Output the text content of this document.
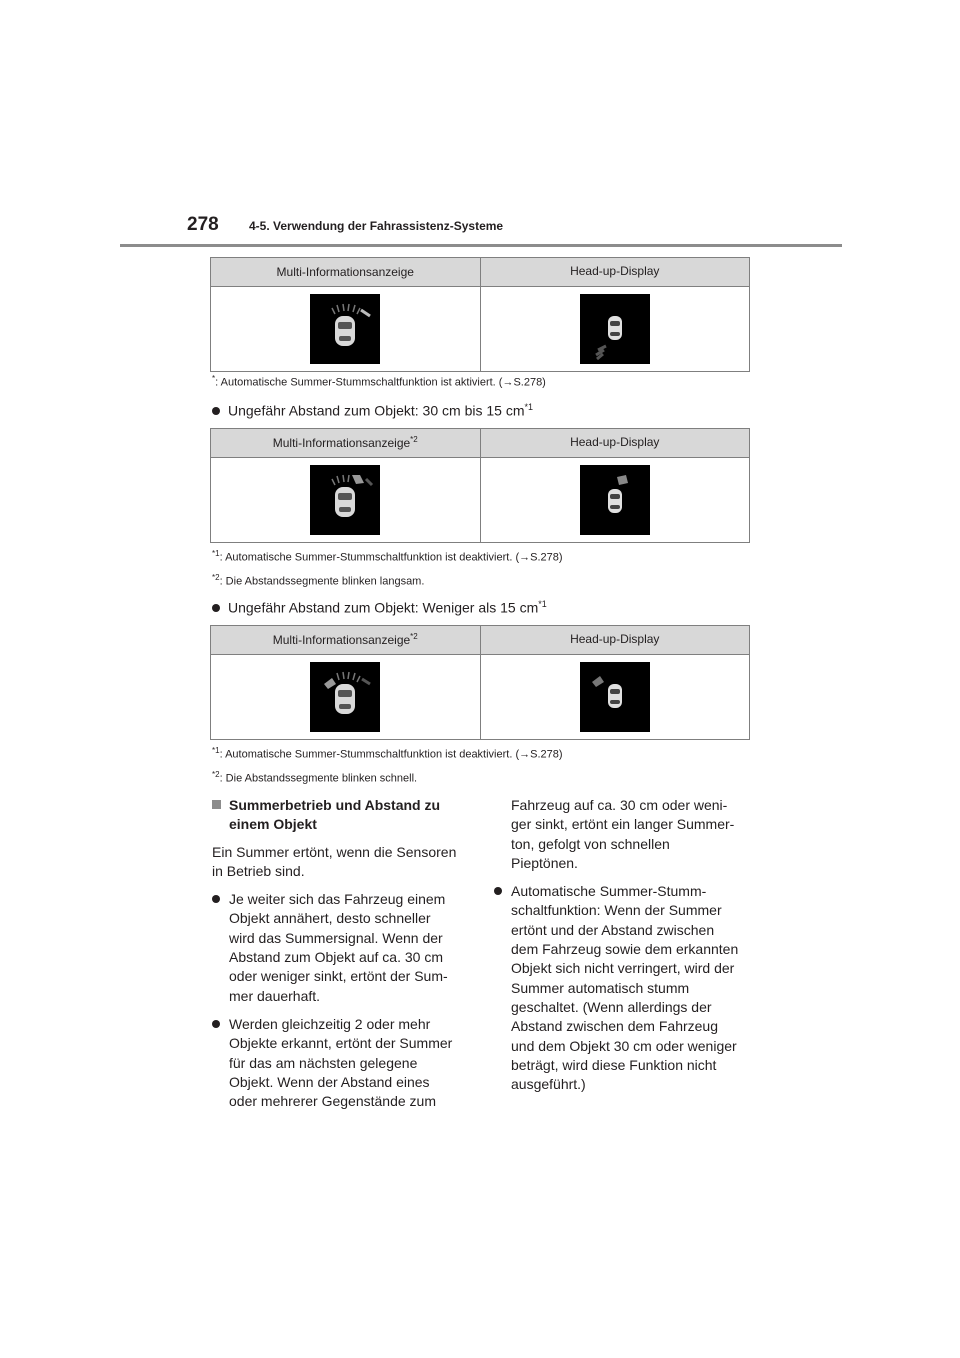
278	4-5. Verwendung der Fahrassistenz-Systeme
Multi-Informationsanzeige	Head-up-Display
*: Automatische Summer-Stummschaltfunktion ist aktiviert. (→S.278)
Ungefähr Abstand zum Objekt: 30 cm bis 15 $cm^{*1}$
Multi-Informationsanzeige$^{*2}$	Head-up-Display
$^{*1}$: Automatische Summer-Stummschaltfunktion ist deaktiviert. (→S.278)
$^{*2}$: Die Abstandssegmente blinken langsam.
Ungefähr Abstand zum Objekt: Weniger als 15 $cm^{*1}$
Multi-Informationsanzeige$^{*2}$	Head-up-Display
$^{*1}$: Automatische Summer-Stummschaltfunktion ist deaktiviert. (→S.278)
$^{*2}$: Die Abstandssegmente blinken schnell.

Summerbetrieb und Abstand zu
einem Objekt

Ein Summer ertönt, wenn die Sensoren
in Betrieb sind.

Je weiter sich das Fahrzeug einem
Objekt annähert, desto schneller
wird das Summersignal. Wenn der
Abstand zum Objekt auf ca. 30 cm
oder weniger sinkt, ertönt der Sum-
mer dauerhaft.

Werden gleichzeitig 2 oder mehr
Objekte erkannt, ertönt der Summer
für das am nächsten gelegene
Objekt. Wenn der Abstand eines
oder mehrerer Gegenstände zum

Fahrzeug auf ca. 30 cm oder weni-
ger sinkt, ertönt ein langer Summer-
ton, gefolgt von schnellen
Pieptönen.

Automatische Summer-Stumm-
schaltfunktion: Wenn der Summer
ertönt und der Abstand zwischen
dem Fahrzeug sowie dem erkannten
Objekt sich nicht verringert, wird der
Summer automatisch stumm
geschaltet. (Wenn allerdings der
Abstand zwischen dem Fahrzeug
und dem Objekt 30 cm oder weniger
beträgt, wird diese Funktion nicht
ausgeführt.)
